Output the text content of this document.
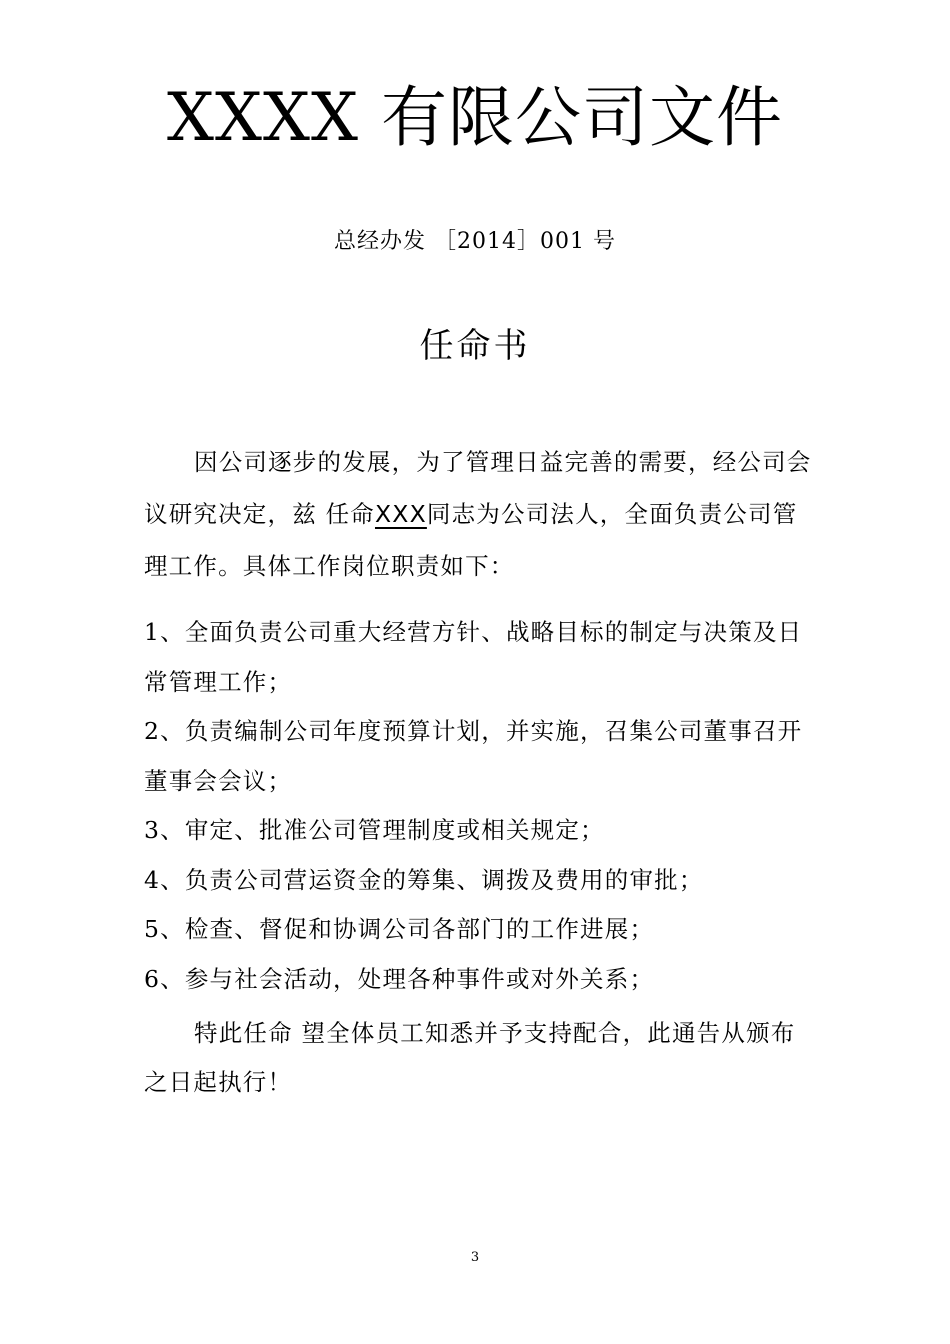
XXXX 有限公司文件
总经办发 ［2014］001 号
任命书

因公司逐步的发展，为了管理日益完善的需要，经公司会议研究决定，兹 任命XXX同志为公司法人，全面负责公司管理工作。具体工作岗位职责如下：

1、全面负责公司重大经营方针、战略目标的制定与决策及日常管理工作；
2、负责编制公司年度预算计划，并实施，召集公司董事召开董事会会议；
3、审定、批准公司管理制度或相关规定；
4、负责公司营运资金的筹集、调拨及费用的审批；
5、检查、督促和协调公司各部门的工作进展；
6、参与社会活动，处理各种事件或对外关系；

特此任命 望全体员工知悉并予支持配合，此通告从颁布之日起执行！

3
